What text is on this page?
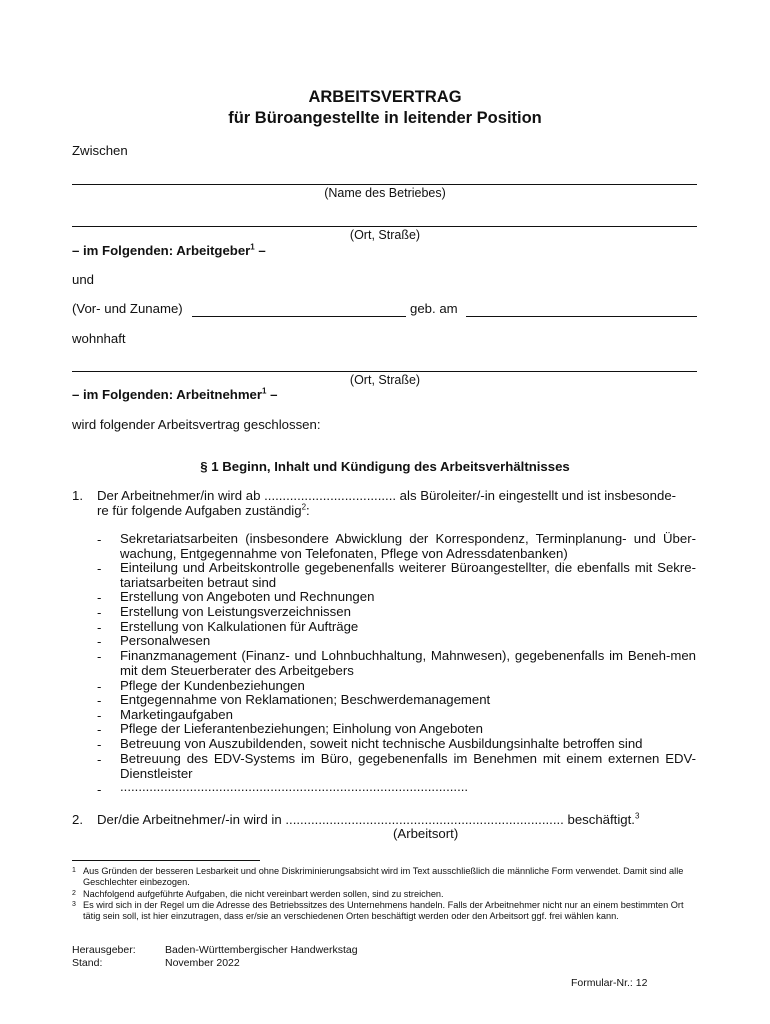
ARBEITSVERTRAG
für Büroangestellte in leitender Position
Zwischen
(Name des Betriebes)
(Ort, Straße)
– im Folgenden: Arbeitgeber$^1$ –
und
(Vor- und Zuname)	geb. am
wohnhaft
(Ort, Straße)
– im Folgenden: Arbeitnehmer$^1$ –
wird folgender Arbeitsvertrag geschlossen:
§ 1 Beginn, Inhalt und Kündigung des Arbeitsverhältnisses
1. Der Arbeitnehmer/in wird ab .................................... als Büroleiter/-in eingestellt und ist insbesonde-
re für folgende Aufgaben zuständig$^2$:
- Sekretariatsarbeiten (insbesondere Abwicklung der Korrespondenz, Terminplanung- und Über-wachung, Entgegennahme von Telefonaten, Pflege von Adressdatenbanken)
- Einteilung und Arbeitskontrolle gegebenenfalls weiterer Büroangestellter, die ebenfalls mit Sekre-tariatsarbeiten betraut sind
- Erstellung von Angeboten und Rechnungen
- Erstellung von Leistungsverzeichnissen
- Erstellung von Kalkulationen für Aufträge
- Personalwesen
- Finanzmanagement (Finanz- und Lohnbuchhaltung, Mahnwesen), gegebenenfalls im Beneh-men mit dem Steuerberater des Arbeitgebers
- Pflege der Kundenbeziehungen
- Entgegennahme von Reklamationen; Beschwerdemanagement
- Marketingaufgaben
- Pflege der Lieferantenbeziehungen; Einholung von Angeboten
- Betreuung von Auszubildenden, soweit nicht technische Ausbildungsinhalte betroffen sind
- Betreuung des EDV-Systems im Büro, gegebenenfalls im Benehmen mit einem externen EDV-Dienstleister
- ...............................................................................................
2. Der/die Arbeitnehmer/-in wird in ............................................................................ beschäftigt.$^3$
(Arbeitsort)
1 Aus Gründen der besseren Lesbarkeit und ohne Diskriminierungsabsicht wird im Text ausschließlich die männliche Form verwendet. Damit sind alle Geschlechter einbezogen.
2 Nachfolgend aufgeführte Aufgaben, die nicht vereinbart werden sollen, sind zu streichen.
3 Es wird sich in der Regel um die Adresse des Betriebssitzes des Unternehmens handeln. Falls der Arbeitnehmer nicht nur an einem bestimmten Ort tätig sein soll, ist hier einzutragen, dass er/sie an verschiedenen Orten beschäftigt werden oder den Arbeitsort ggf. frei wählen kann.
Herausgeber:	Baden-Württembergischer Handwerkstag
Stand:	November 2022
Formular-Nr.: 12
